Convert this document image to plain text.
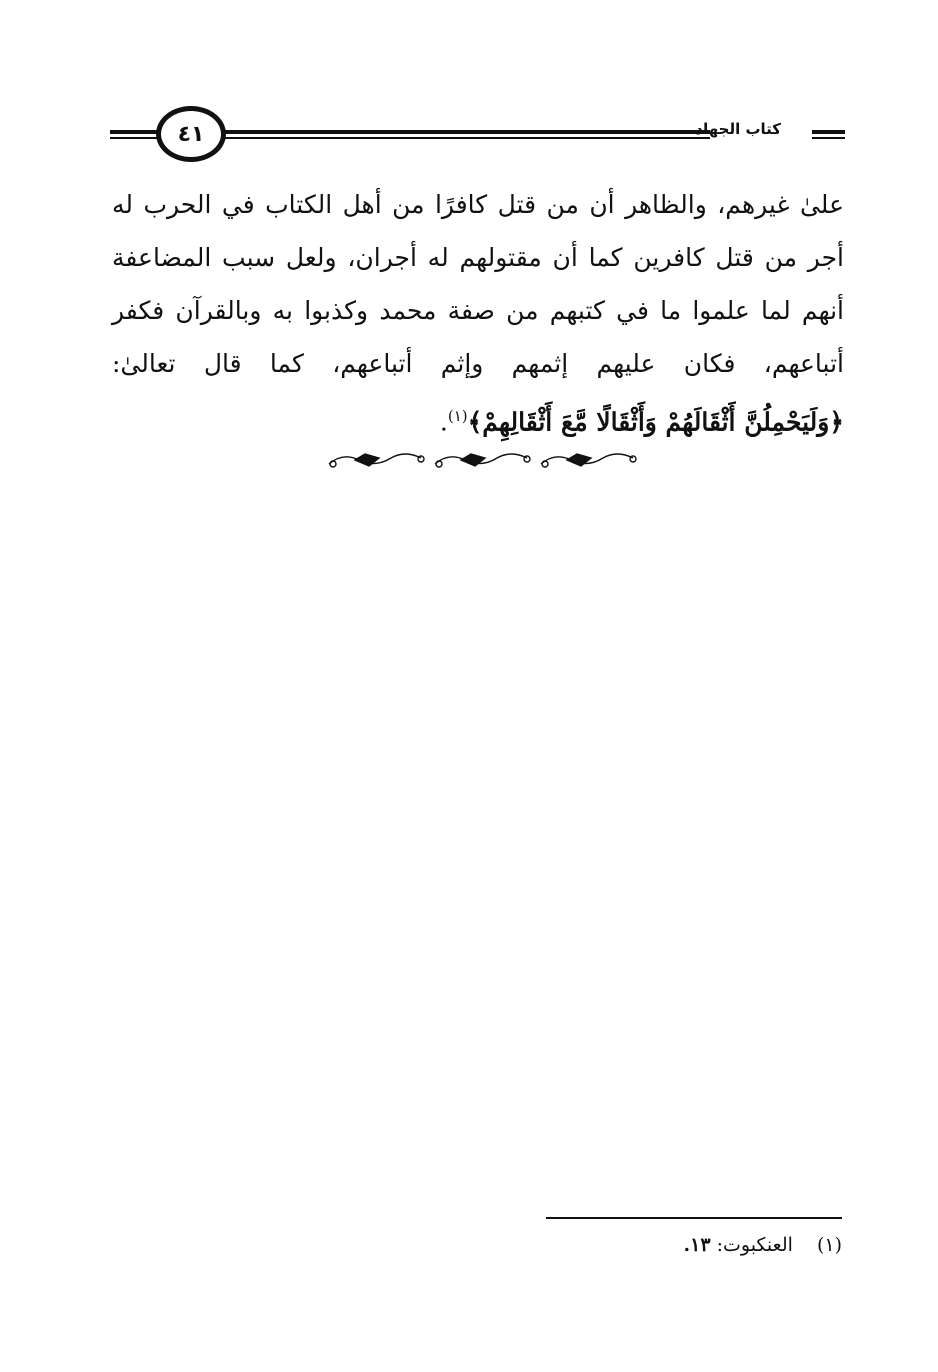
كتاب الجهاد
٤١

علىٰ غيرهم، والظاهر أن من قتل كافرًا من أهل الكتاب في الحرب له

أجر من قتل كافرين كما أن مقتولهم له أجران، ولعل سبب المضاعفة

أنهم لما علموا ما في كتبهم من صفة محمد وكذبوا به وبالقرآن فكفر

أتباعهم، فكان عليهم إثمهم وإثم أتباعهم، كما قال تعالىٰ:

﴿وَلَيَحْمِلُنَّ أَثْقَالَهُمْ وَأَثْقَالًا مَّعَ أَثْقَالِهِمْ﴾$^{(١)}$.

(١) العنكبوت: ١٣.
